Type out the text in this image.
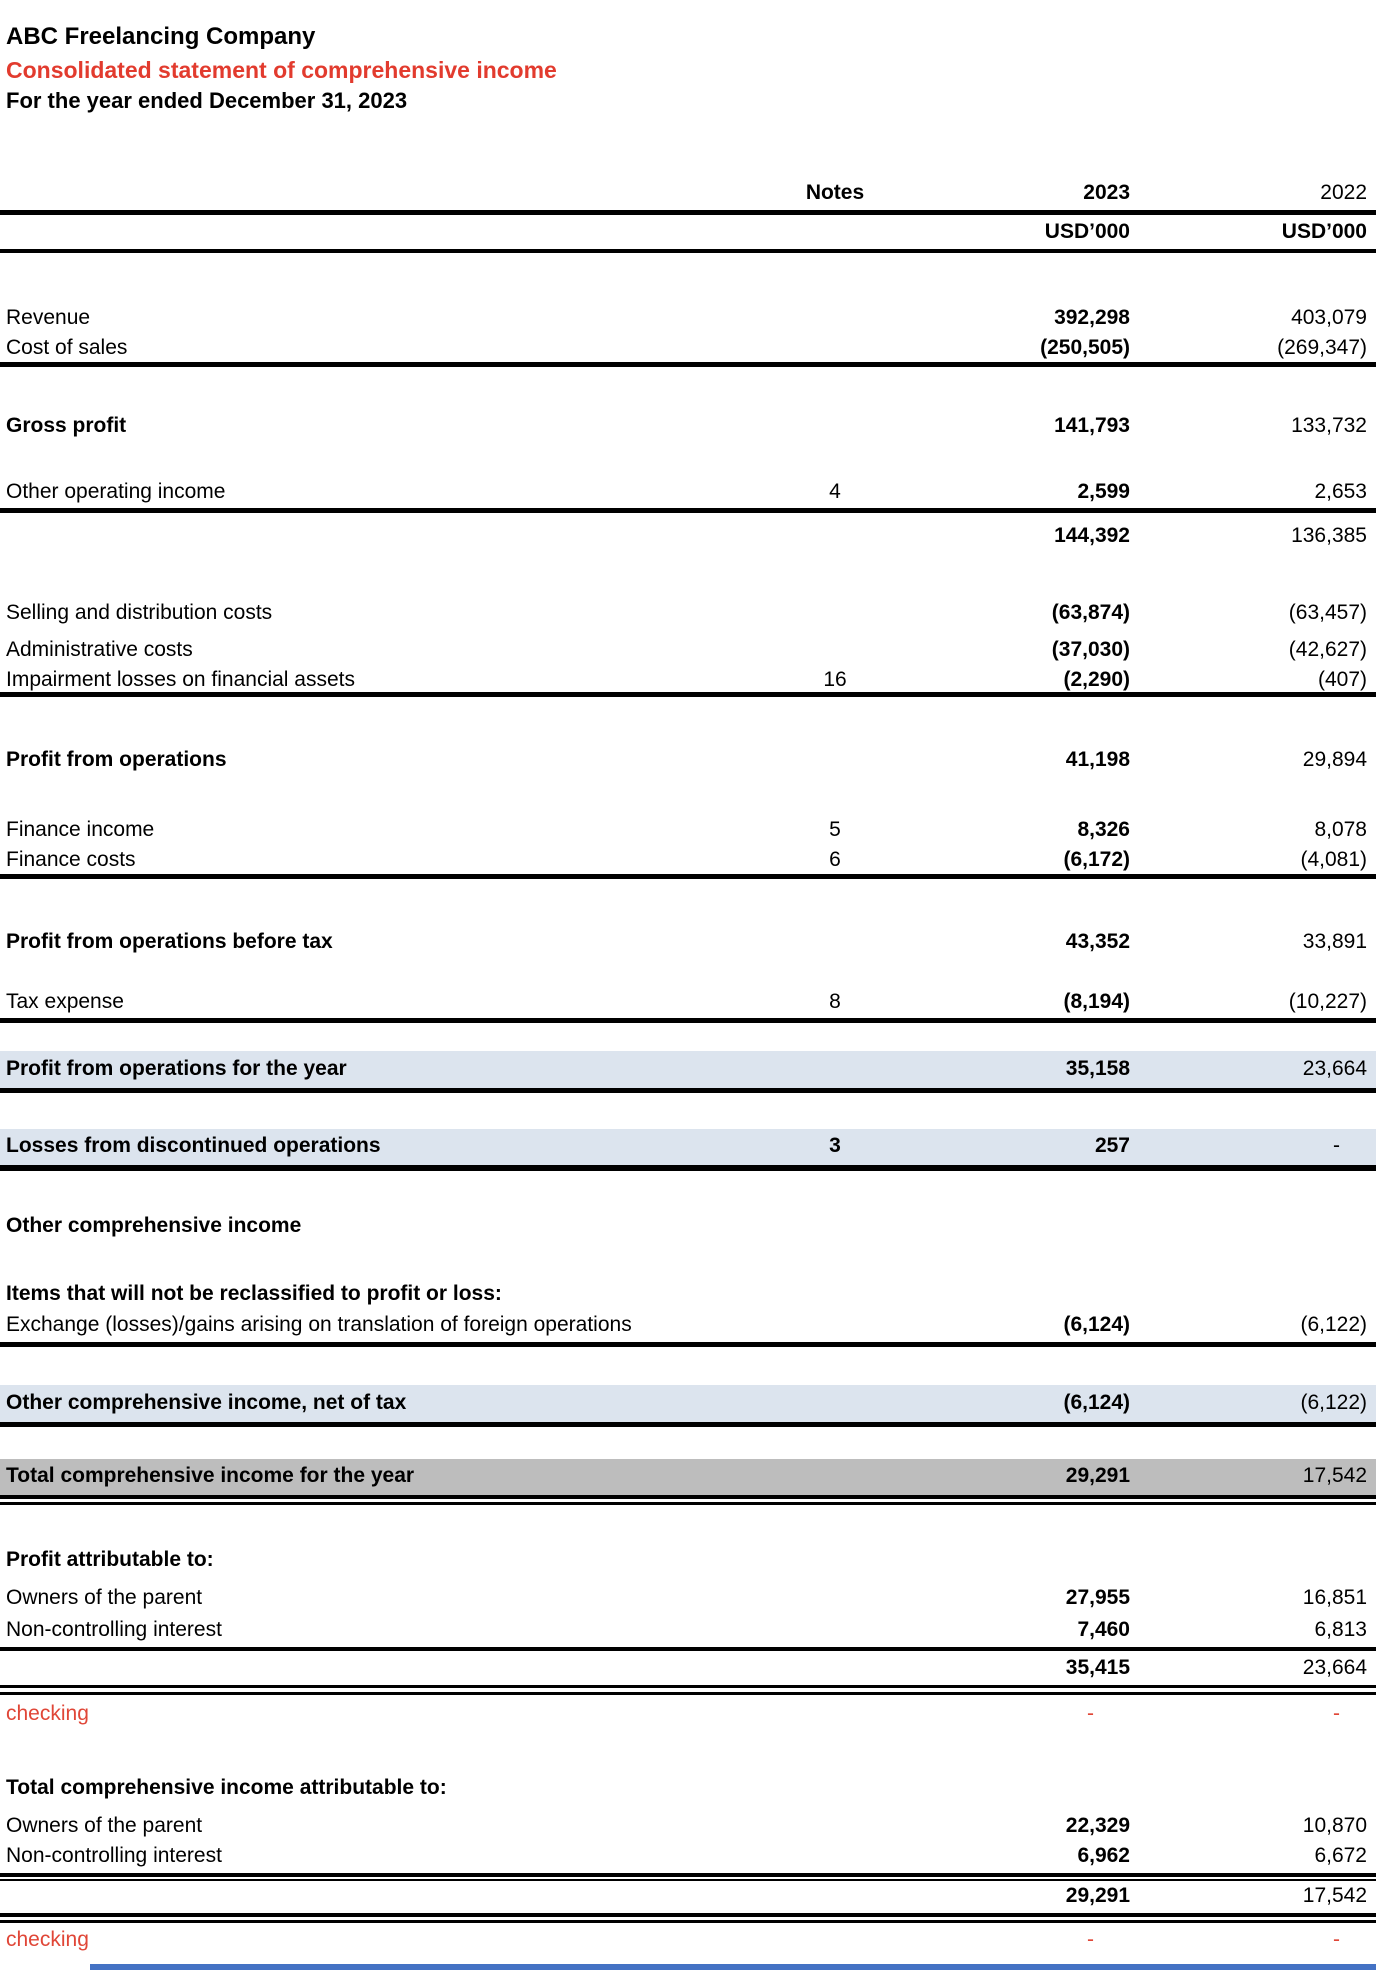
ABC Freelancing Company
Consolidated statement of comprehensive income
For the year ended December 31, 2023
Notes	2023	2022
USD’000	USD’000
Revenue	392,298	403,079
Cost of sales	(250,505)	(269,347)
Gross profit	141,793	133,732
Other operating income	4	2,599	2,653
144,392	136,385
Selling and distribution costs	(63,874)	(63,457)
Administrative costs	(37,030)	(42,627)
Impairment losses on financial assets	16	(2,290)	(407)
Profit from operations	41,198	29,894
Finance income	5	8,326	8,078
Finance costs	6	(6,172)	(4,081)
Profit from operations before tax	43,352	33,891
Tax expense	8	(8,194)	(10,227)
Profit from operations for the year	35,158	23,664
Losses from discontinued operations	3	257	-
Other comprehensive income
Items that will not be reclassified to profit or loss:
Exchange (losses)/gains arising on translation of foreign operations	(6,124)	(6,122)
Other comprehensive income, net of tax	(6,124)	(6,122)
Total comprehensive income for the year	29,291	17,542
Profit attributable to:
Owners of the parent	27,955	16,851
Non-controlling interest	7,460	6,813
35,415	23,664
checking	-	-
Total comprehensive income attributable to:
Owners of the parent	22,329	10,870
Non-controlling interest	6,962	6,672
29,291	17,542
checking	-	-
